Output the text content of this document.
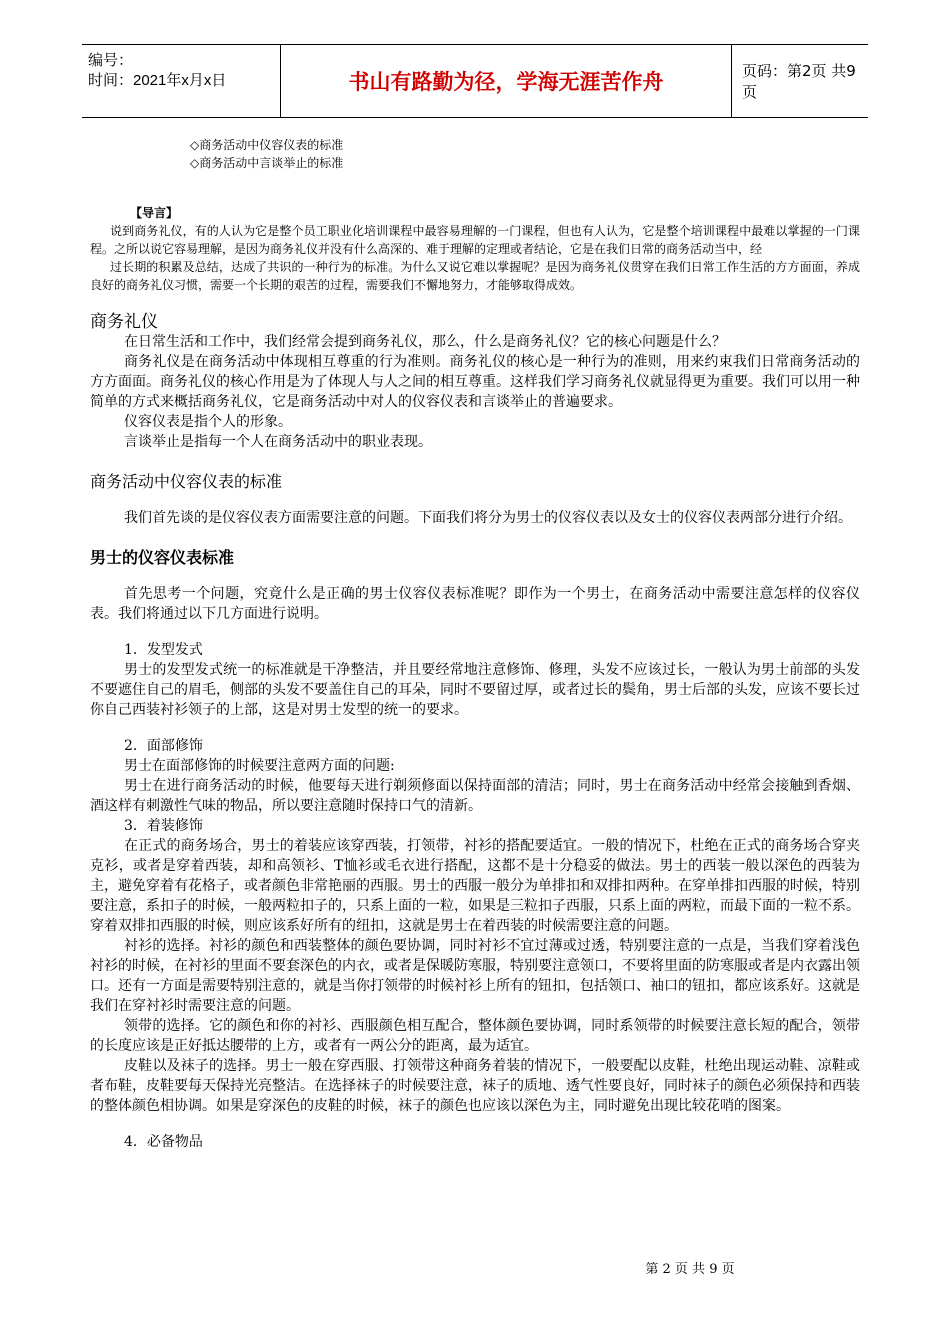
编号：
时间：2021年x月x日	书山有路勤为径，学海无涯苦作舟	页码：第2页 共9页
◇商务活动中仪容仪表的标准
◇商务活动中言谈举止的标准

【导言】

说到商务礼仪，有的人认为它是整个员工职业化培训课程中最容易理解的一门课程，但也有人认为，它是整个培训课程中最难以掌握的一门课程。之所以说它容易理解，是因为商务礼仪并没有什么高深的、难于理解的定理或者结论，它是在我们日常的商务活动当中，经

过长期的积累及总结，达成了共识的一种行为的标准。为什么又说它难以掌握呢？是因为商务礼仪贯穿在我们日常工作生活的方方面面，养成良好的商务礼仪习惯，需要一个长期的艰苦的过程，需要我们不懈地努力，才能够取得成效。

商务礼仪

在日常生活和工作中，我们经常会提到商务礼仪，那么，什么是商务礼仪？它的核心问题是什么？

商务礼仪是在商务活动中体现相互尊重的行为准则。商务礼仪的核心是一种行为的准则，用来约束我们日常商务活动的方方面面。商务礼仪的核心作用是为了体现人与人之间的相互尊重。这样我们学习商务礼仪就显得更为重要。我们可以用一种简单的方式来概括商务礼仪，它是商务活动中对人的仪容仪表和言谈举止的普遍要求。

仪容仪表是指个人的形象。

言谈举止是指每一个人在商务活动中的职业表现。

商务活动中仪容仪表的标准

我们首先谈的是仪容仪表方面需要注意的问题。下面我们将分为男士的仪容仪表以及女士的仪容仪表两部分进行介绍。

男士的仪容仪表标准

首先思考一个问题，究竟什么是正确的男士仪容仪表标准呢？即作为一个男士，在商务活动中需要注意怎样的仪容仪表。我们将通过以下几方面进行说明。

1．发型发式

男士的发型发式统一的标准就是干净整洁，并且要经常地注意修饰、修理，头发不应该过长，一般认为男士前部的头发不要遮住自己的眉毛，侧部的头发不要盖住自己的耳朵，同时不要留过厚，或者过长的鬓角，男士后部的头发，应该不要长过你自己西装衬衫领子的上部，这是对男士发型的统一的要求。

2．面部修饰

男士在面部修饰的时候要注意两方面的问题:

男士在进行商务活动的时候，他要每天进行剃须修面以保持面部的清洁；同时，男士在商务活动中经常会接触到香烟、酒这样有刺激性气味的物品，所以要注意随时保持口气的清新。

3．着装修饰

在正式的商务场合，男士的着装应该穿西装，打领带，衬衫的搭配要适宜。一般的情况下，杜绝在正式的商务场合穿夹克衫，或者是穿着西装，却和高领衫、T恤衫或毛衣进行搭配，这都不是十分稳妥的做法。男士的西装一般以深色的西装为主，避免穿着有花格子，或者颜色非常艳丽的西服。男士的西服一般分为单排扣和双排扣两种。在穿单排扣西服的时候，特别要注意，系扣子的时候，一般两粒扣子的，只系上面的一粒，如果是三粒扣子西服，只系上面的两粒，而最下面的一粒不系。穿着双排扣西服的时候，则应该系好所有的纽扣，这就是男士在着西装的时候需要注意的问题。

衬衫的选择。衬衫的颜色和西装整体的颜色要协调，同时衬衫不宜过薄或过透，特别要注意的一点是，当我们穿着浅色衬衫的时候，在衬衫的里面不要套深色的内衣，或者是保暖防寒服，特别要注意领口，不要将里面的防寒服或者是内衣露出领口。还有一方面是需要特别注意的，就是当你打领带的时候衬衫上所有的钮扣，包括领口、袖口的钮扣，都应该系好。这就是我们在穿衬衫时需要注意的问题。

领带的选择。它的颜色和你的衬衫、西服颜色相互配合，整体颜色要协调，同时系领带的时候要注意长短的配合，领带的长度应该是正好抵达腰带的上方，或者有一两公分的距离，最为适宜。

皮鞋以及袜子的选择。男士一般在穿西服、打领带这种商务着装的情况下，一般要配以皮鞋，杜绝出现运动鞋、凉鞋或者布鞋，皮鞋要每天保持光亮整洁。在选择袜子的时候要注意，袜子的质地、透气性要良好，同时袜子的颜色必须保持和西装的整体颜色相协调。如果是穿深色的皮鞋的时候，袜子的颜色也应该以深色为主，同时避免出现比较花哨的图案。

4．必备物品

第 2 页 共 9 页
